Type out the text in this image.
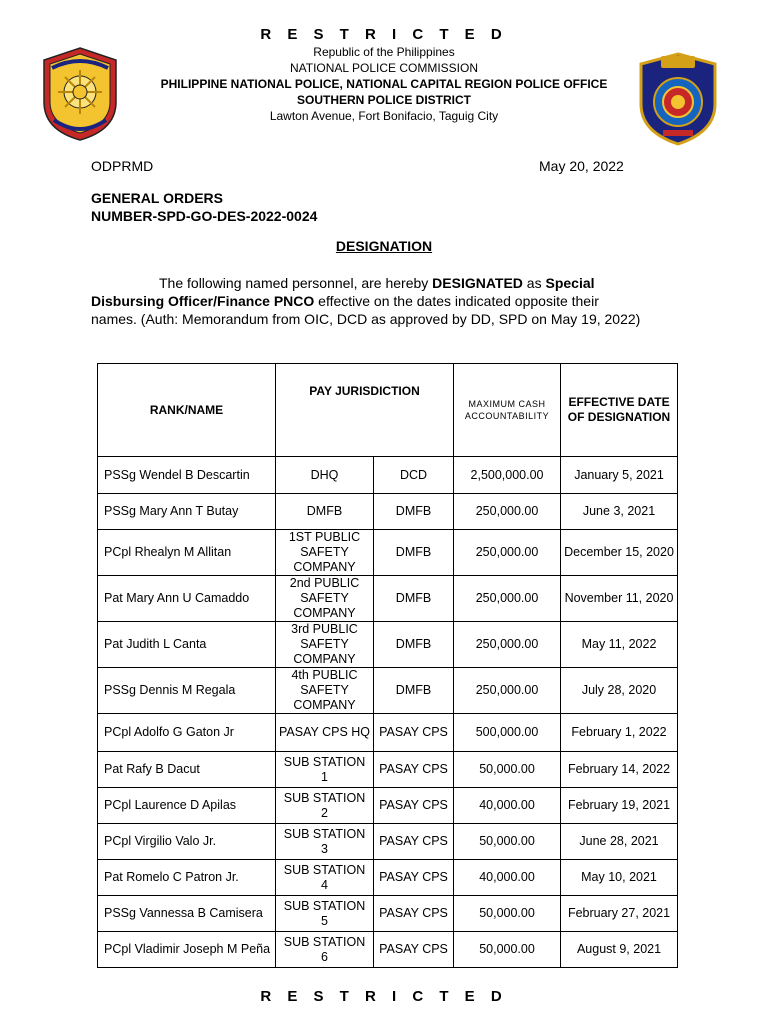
R E S T R I C T E D
Republic of the Philippines
NATIONAL POLICE COMMISSION
PHILIPPINE NATIONAL POLICE, NATIONAL CAPITAL REGION POLICE OFFICE
SOUTHERN POLICE DISTRICT
Lawton Avenue, Fort Bonifacio, Taguig City
ODPRMD	May 20, 2022
GENERAL ORDERS
NUMBER-SPD-GO-DES-2022-0024
DESIGNATION
The following named personnel, are hereby DESIGNATED as Special Disbursing Officer/Finance PNCO effective on the dates indicated opposite their names. (Auth: Memorandum from OIC, DCD as approved by DD, SPD on May 19, 2022)
RANK/NAME	PAY JURISDICTION		MAXIMUM CASH ACCOUNTABILITY	EFFECTIVE DATE OF DESIGNATION
PSSg Wendel B Descartin	DHQ	DCD	2,500,000.00	January 5, 2021
PSSg Mary Ann T Butay	DMFB	DMFB	250,000.00	June 3, 2021
PCpl Rhealyn M Allitan	1ST PUBLIC SAFETY COMPANY	DMFB	250,000.00	December 15, 2020
Pat Mary Ann U Camaddo	2nd PUBLIC SAFETY COMPANY	DMFB	250,000.00	November 11, 2020
Pat Judith L Canta	3rd PUBLIC SAFETY COMPANY	DMFB	250,000.00	May 11, 2022
PSSg Dennis M Regala	4th PUBLIC SAFETY COMPANY	DMFB	250,000.00	July 28, 2020
PCpl Adolfo G Gaton Jr	PASAY CPS HQ	PASAY CPS	500,000.00	February 1, 2022
Pat Rafy B Dacut	SUB STATION 1	PASAY CPS	50,000.00	February 14, 2022
PCpl Laurence D Apilas	SUB STATION 2	PASAY CPS	40,000.00	February 19, 2021
PCpl Virgilio Valo Jr.	SUB STATION 3	PASAY CPS	50,000.00	June 28, 2021
Pat Romelo C Patron Jr.	SUB STATION 4	PASAY CPS	40,000.00	May 10, 2021
PSSg Vannessa B Camisera	SUB STATION 5	PASAY CPS	50,000.00	February 27, 2021
PCpl Vladimir Joseph M Peña	SUB STATION 6	PASAY CPS	50,000.00	August 9, 2021
R E S T R I C T E D
